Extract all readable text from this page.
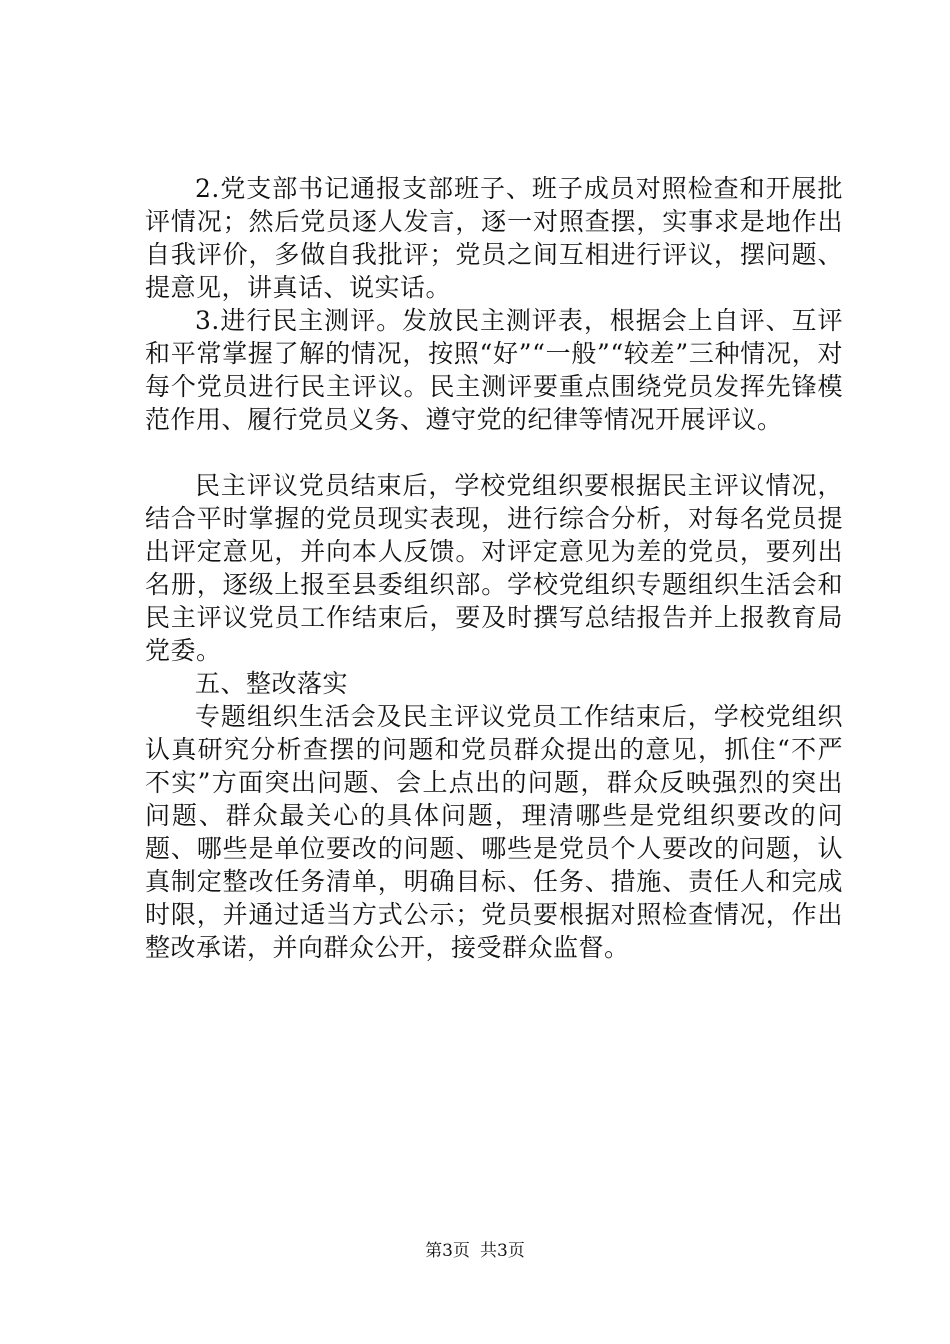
2.党支部书记通报支部班子、班子成员对照检查和开展批评情况；然后党员逐人发言，逐一对照查摆，实事求是地作出自我评价，多做自我批评；党员之间互相进行评议，摆问题、提意见，讲真话、说实话。

3.进行民主测评。发放民主测评表，根据会上自评、互评和平常掌握了解的情况，按照“好”“一般”“较差”三种情况，对每个党员进行民主评议。民主测评要重点围绕党员发挥先锋模范作用、履行党员义务、遵守党的纪律等情况开展评议。

民主评议党员结束后，学校党组织要根据民主评议情况，结合平时掌握的党员现实表现，进行综合分析，对每名党员提出评定意见，并向本人反馈。对评定意见为差的党员，要列出名册，逐级上报至县委组织部。学校党组织专题组织生活会和民主评议党员工作结束后，要及时撰写总结报告并上报教育局党委。

五、整改落实

专题组织生活会及民主评议党员工作结束后，学校党组织认真研究分析查摆的问题和党员群众提出的意见，抓住“不严不实”方面突出问题、会上点出的问题，群众反映强烈的突出问题、群众最关心的具体问题，理清哪些是党组织要改的问题、哪些是单位要改的问题、哪些是党员个人要改的问题，认真制定整改任务清单，明确目标、任务、措施、责任人和完成时限，并通过适当方式公示；党员要根据对照检查情况，作出整改承诺，并向群众公开，接受群众监督。

第3页 共3页
